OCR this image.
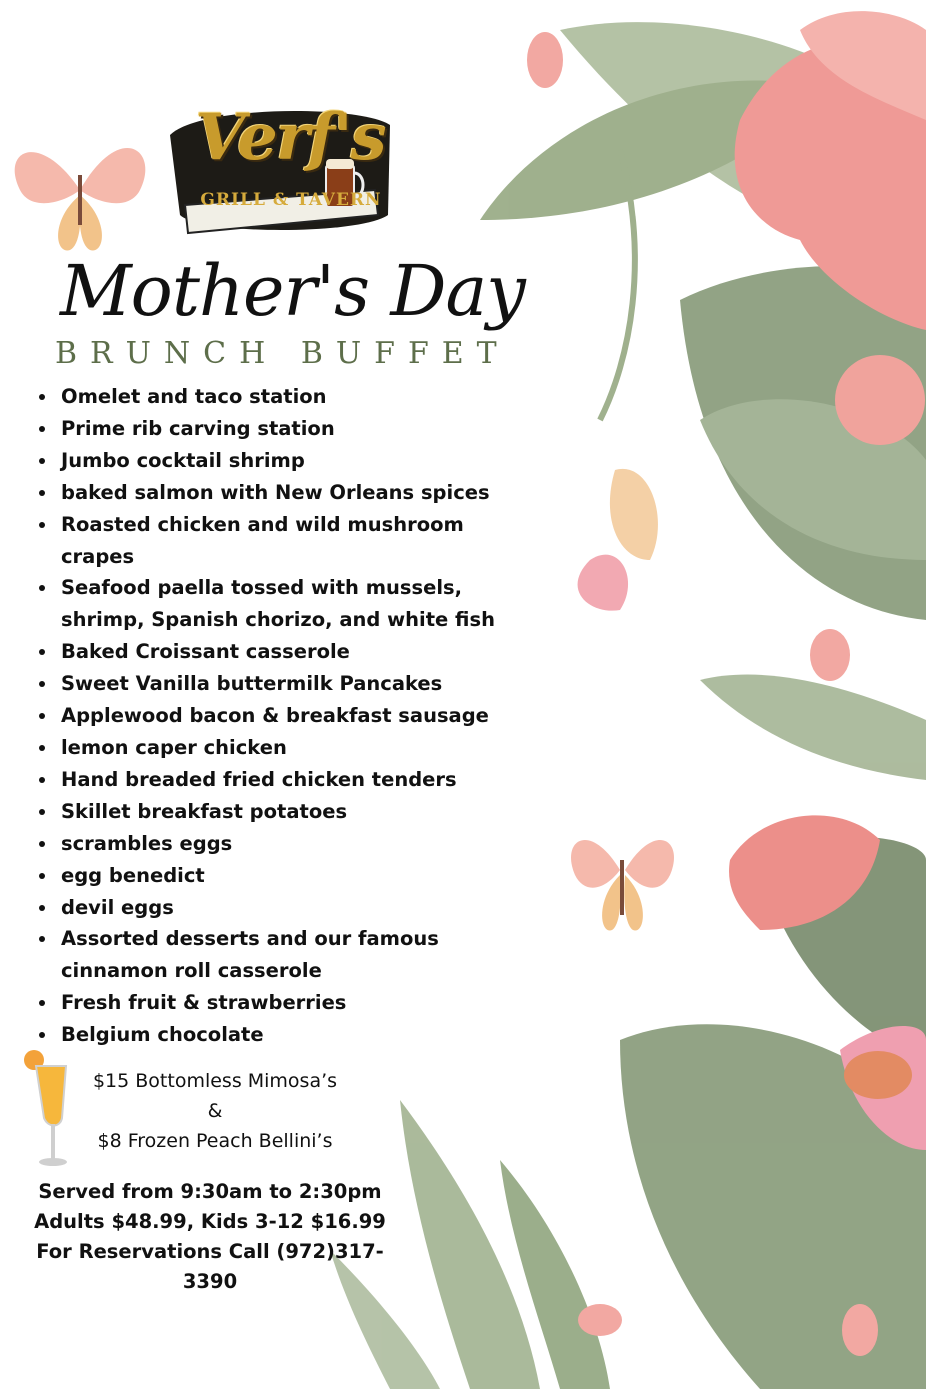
Verf's
GRILL & TAVERN
Mother's Day
BRUNCH BUFFET
Omelet and taco station
Prime rib carving station
Jumbo cocktail shrimp
baked salmon with New Orleans spices
Roasted chicken and wild mushroom
crapes
Seafood paella tossed with mussels,
shrimp, Spanish chorizo, and white fish
Baked Croissant casserole
Sweet Vanilla buttermilk Pancakes
Applewood bacon & breakfast sausage
lemon caper chicken
Hand breaded fried chicken tenders
Skillet breakfast potatoes
scrambles eggs
egg benedict
devil eggs
Assorted desserts and our famous
cinnamon roll casserole
Fresh fruit & strawberries
Belgium chocolate
$15 Bottomless Mimosa’s
&
$8 Frozen Peach Bellini’s
Served from 9:30am to 2:30pm
Adults $48.99, Kids 3-12 $16.99
For Reservations Call (972)317-3390
